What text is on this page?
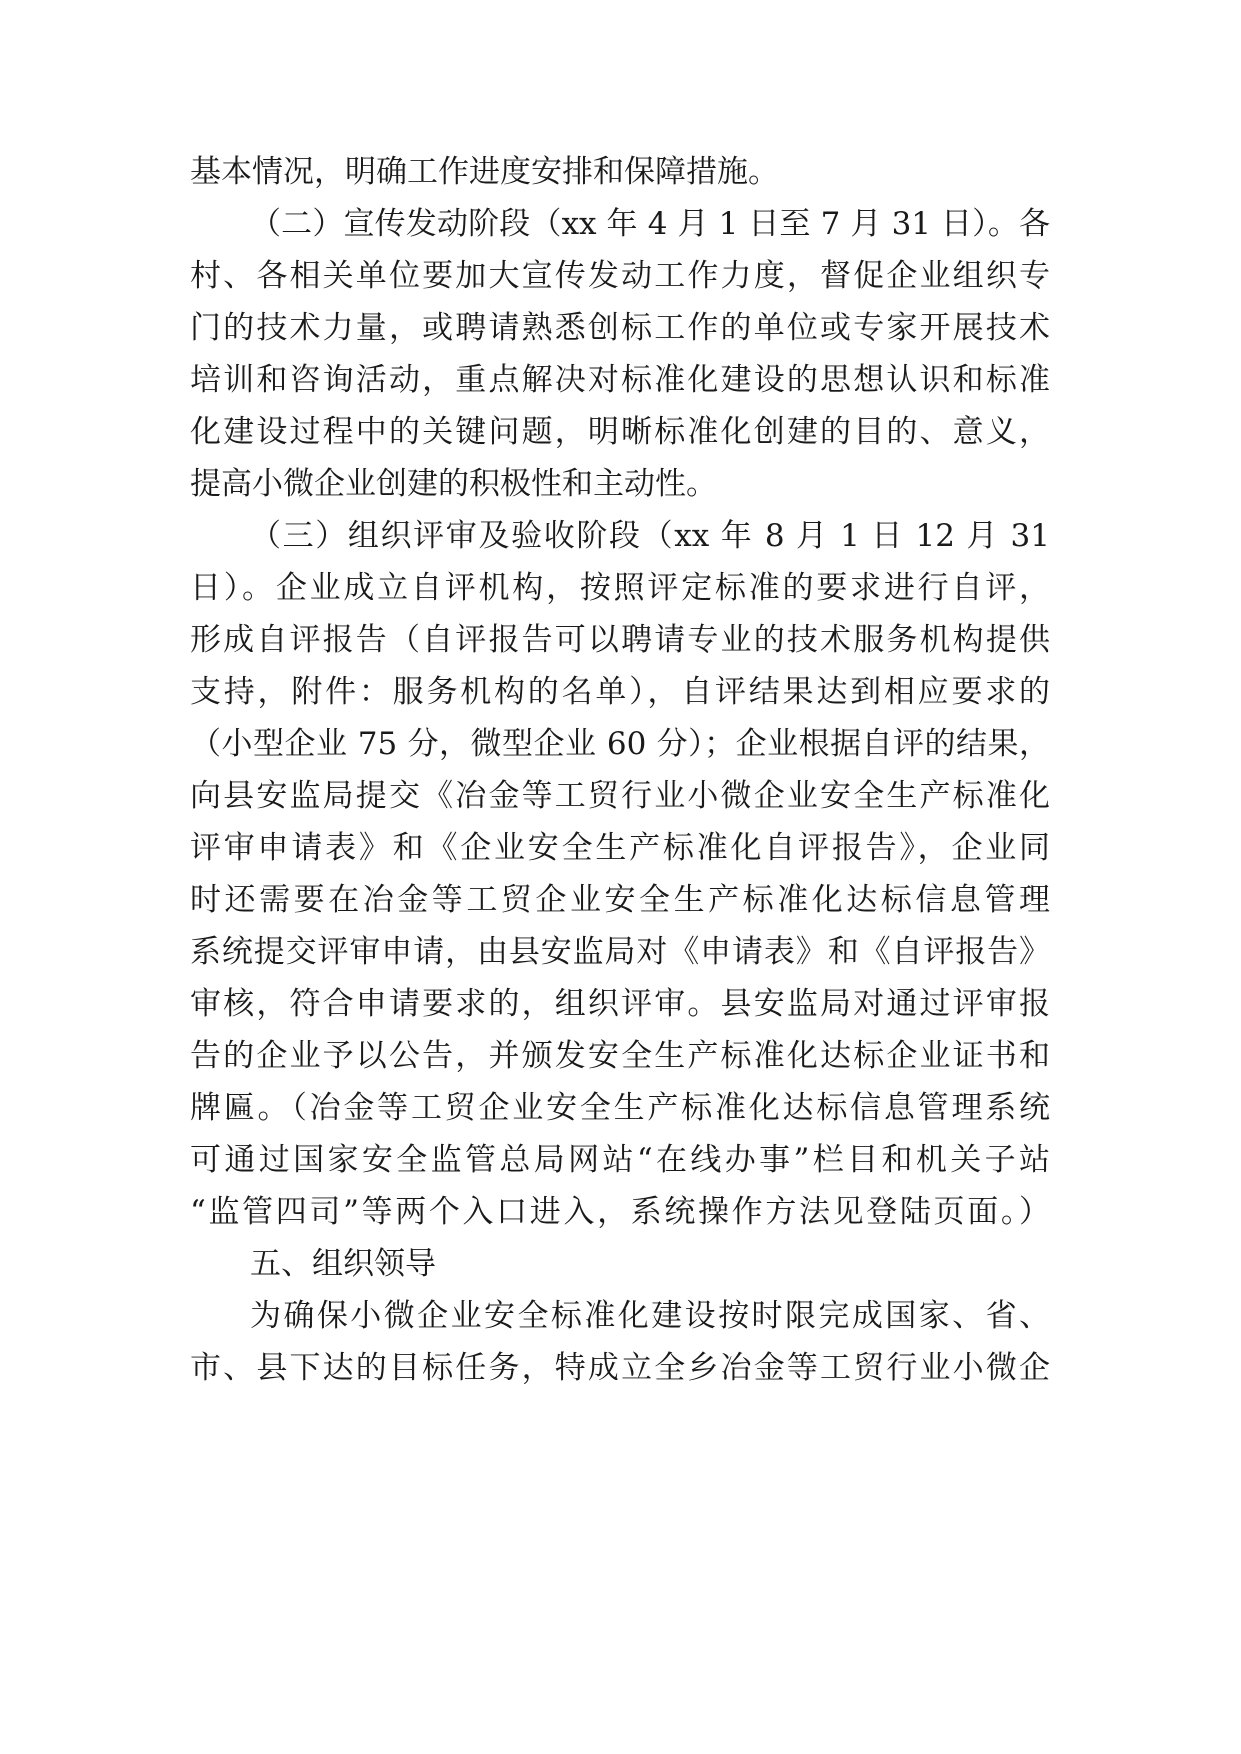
基本情况，明确工作进度安排和保障措施。
（二）宣传发动阶段（xx 年 4 月 1 日至 7 月 31 日）。各
村、各相关单位要加大宣传发动工作力度，督促企业组织专
门的技术力量，或聘请熟悉创标工作的单位或专家开展技术
培训和咨询活动，重点解决对标准化建设的思想认识和标准
化建设过程中的关键问题，明晰标准化创建的目的、意义，
提高小微企业创建的积极性和主动性。
（三）组织评审及验收阶段（xx 年 8 月 1 日 12 月 31
日）。企业成立自评机构，按照评定标准的要求进行自评，
形成自评报告（自评报告可以聘请专业的技术服务机构提供
支持，附件：服务机构的名单），自评结果达到相应要求的
（小型企业 75 分，微型企业 60 分）；企业根据自评的结果，
向县安监局提交《冶金等工贸行业小微企业安全生产标准化
评审申请表》和《企业安全生产标准化自评报告》，企业同
时还需要在冶金等工贸企业安全生产标准化达标信息管理
系统提交评审申请，由县安监局对《申请表》和《自评报告》
审核，符合申请要求的，组织评审。县安监局对通过评审报
告的企业予以公告，并颁发安全生产标准化达标企业证书和
牌匾。（冶金等工贸企业安全生产标准化达标信息管理系统
可通过国家安全监管总局网站“在线办事”栏目和机关子站
“监管四司”等两个入口进入，系统操作方法见登陆页面。）
五、组织领导
为确保小微企业安全标准化建设按时限完成国家、省、
市、县下达的目标任务，特成立全乡冶金等工贸行业小微企
